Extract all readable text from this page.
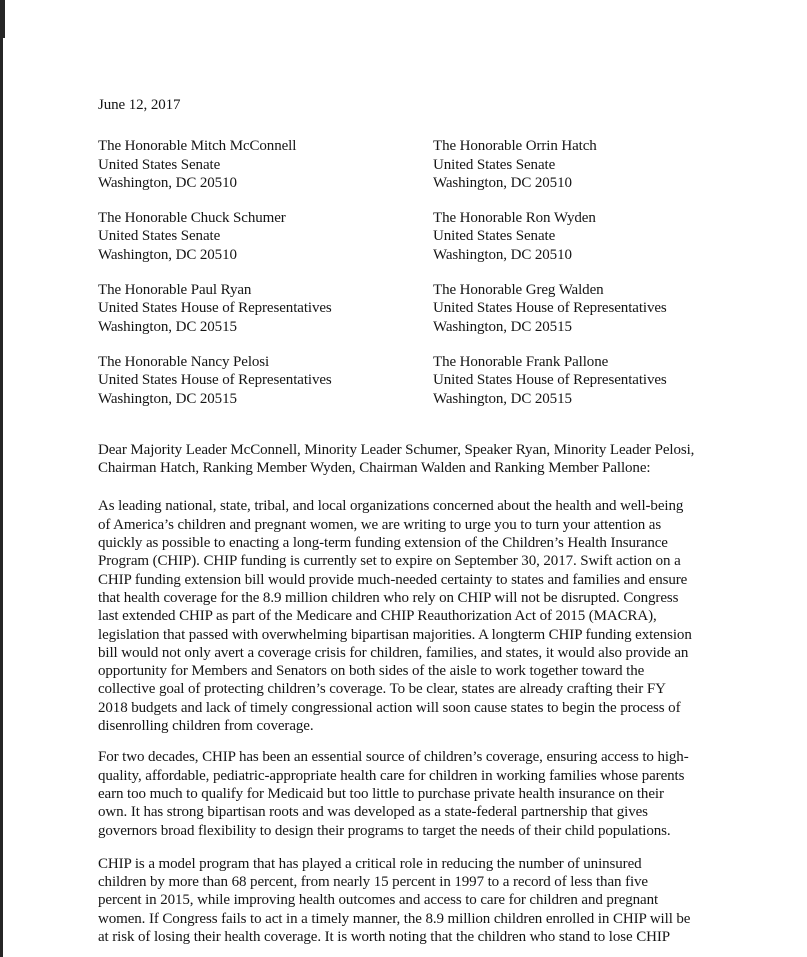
June 12, 2017
The Honorable Mitch McConnell
United States Senate
Washington, DC 20510
The Honorable Orrin Hatch
United States Senate
Washington, DC 20510
The Honorable Chuck Schumer
United States Senate
Washington, DC 20510
The Honorable Ron Wyden
United States Senate
Washington, DC 20510
The Honorable Paul Ryan
United States House of Representatives
Washington, DC 20515
The Honorable Greg Walden
United States House of Representatives
Washington, DC 20515
The Honorable Nancy Pelosi
United States House of Representatives
Washington, DC 20515
The Honorable Frank Pallone
United States House of Representatives
Washington, DC 20515
Dear Majority Leader McConnell, Minority Leader Schumer, Speaker Ryan, Minority Leader Pelosi,
Chairman Hatch, Ranking Member Wyden, Chairman Walden and Ranking Member Pallone:
As leading national, state, tribal, and local organizations concerned about the health and well-being
of America’s children and pregnant women, we are writing to urge you to turn your attention as
quickly as possible to enacting a long-term funding extension of the Children’s Health Insurance
Program (CHIP). CHIP funding is currently set to expire on September 30, 2017. Swift action on a
CHIP funding extension bill would provide much-needed certainty to states and families and ensure
that health coverage for the 8.9 million children who rely on CHIP will not be disrupted. Congress
last extended CHIP as part of the Medicare and CHIP Reauthorization Act of 2015 (MACRA),
legislation that passed with overwhelming bipartisan majorities. A longterm CHIP funding extension
bill would not only avert a coverage crisis for children, families, and states, it would also provide an
opportunity for Members and Senators on both sides of the aisle to work together toward the
collective goal of protecting children’s coverage. To be clear, states are already crafting their FY
2018 budgets and lack of timely congressional action will soon cause states to begin the process of
disenrolling children from coverage.
For two decades, CHIP has been an essential source of children’s coverage, ensuring access to high-
quality, affordable, pediatric-appropriate health care for children in working families whose parents
earn too much to qualify for Medicaid but too little to purchase private health insurance on their
own. It has strong bipartisan roots and was developed as a state-federal partnership that gives
governors broad flexibility to design their programs to target the needs of their child populations.
CHIP is a model program that has played a critical role in reducing the number of uninsured
children by more than 68 percent, from nearly 15 percent in 1997 to a record of less than five
percent in 2015, while improving health outcomes and access to care for children and pregnant
women. If Congress fails to act in a timely manner, the 8.9 million children enrolled in CHIP will be
at risk of losing their health coverage. It is worth noting that the children who stand to lose CHIP
